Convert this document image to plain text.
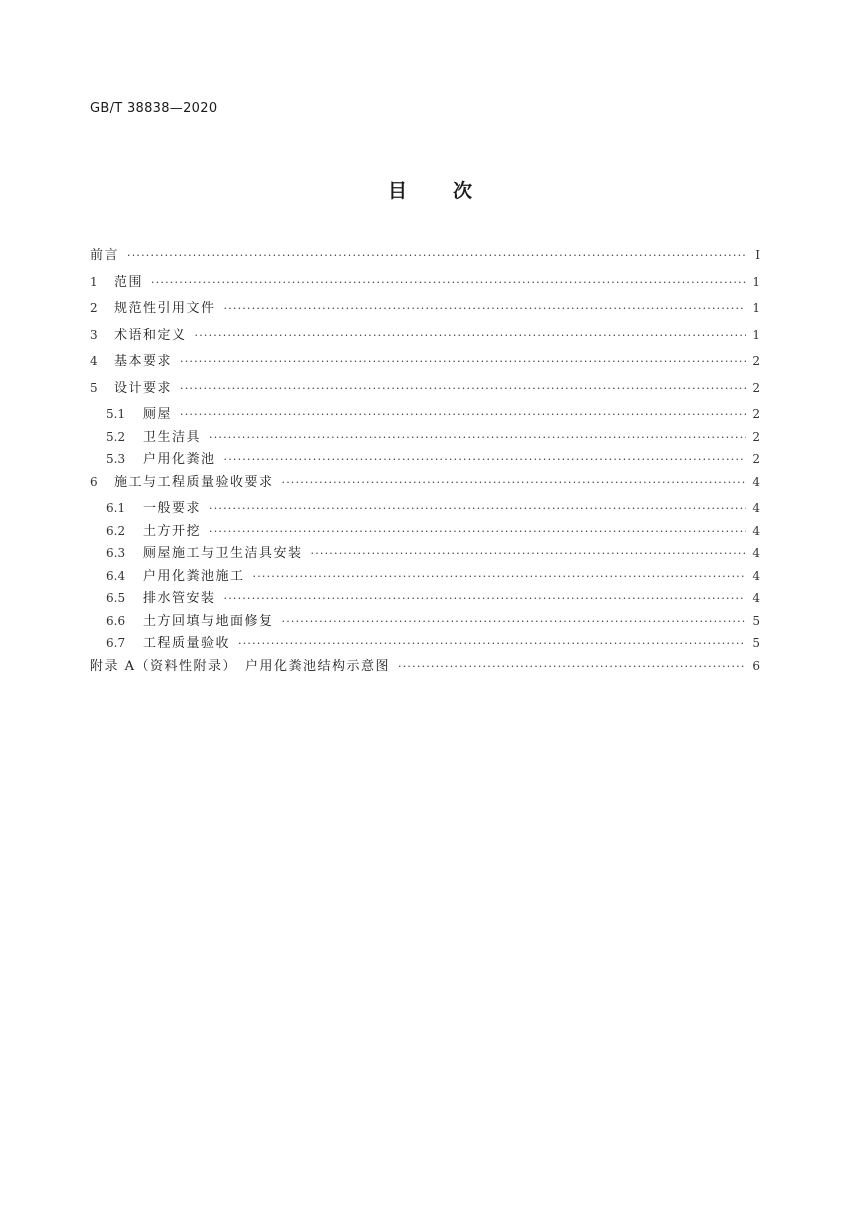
GB/T 38838—2020
目次
前言 ·····	Ⅰ
1	范围 ·····	1
2	规范性引用文件 ·····	1
3	术语和定义 ·····	1
4	基本要求 ·····	2
5	设计要求 ·····	2
5.1	厕屋 ·····	2
5.2	卫生洁具 ·····	2
5.3	户用化粪池 ·····	2
6	施工与工程质量验收要求 ·····	4
6.1	一般要求 ·····	4
6.2	土方开挖 ·····	4
6.3	厕屋施工与卫生洁具安装 ·····	4
6.4	户用化粪池施工 ·····	4
6.5	排水管安装 ·····	4
6.6	土方回填与地面修复 ·····	5
6.7	工程质量验收 ·····	5
附录 A（资料性附录）　户用化粪池结构示意图 ·····	6
